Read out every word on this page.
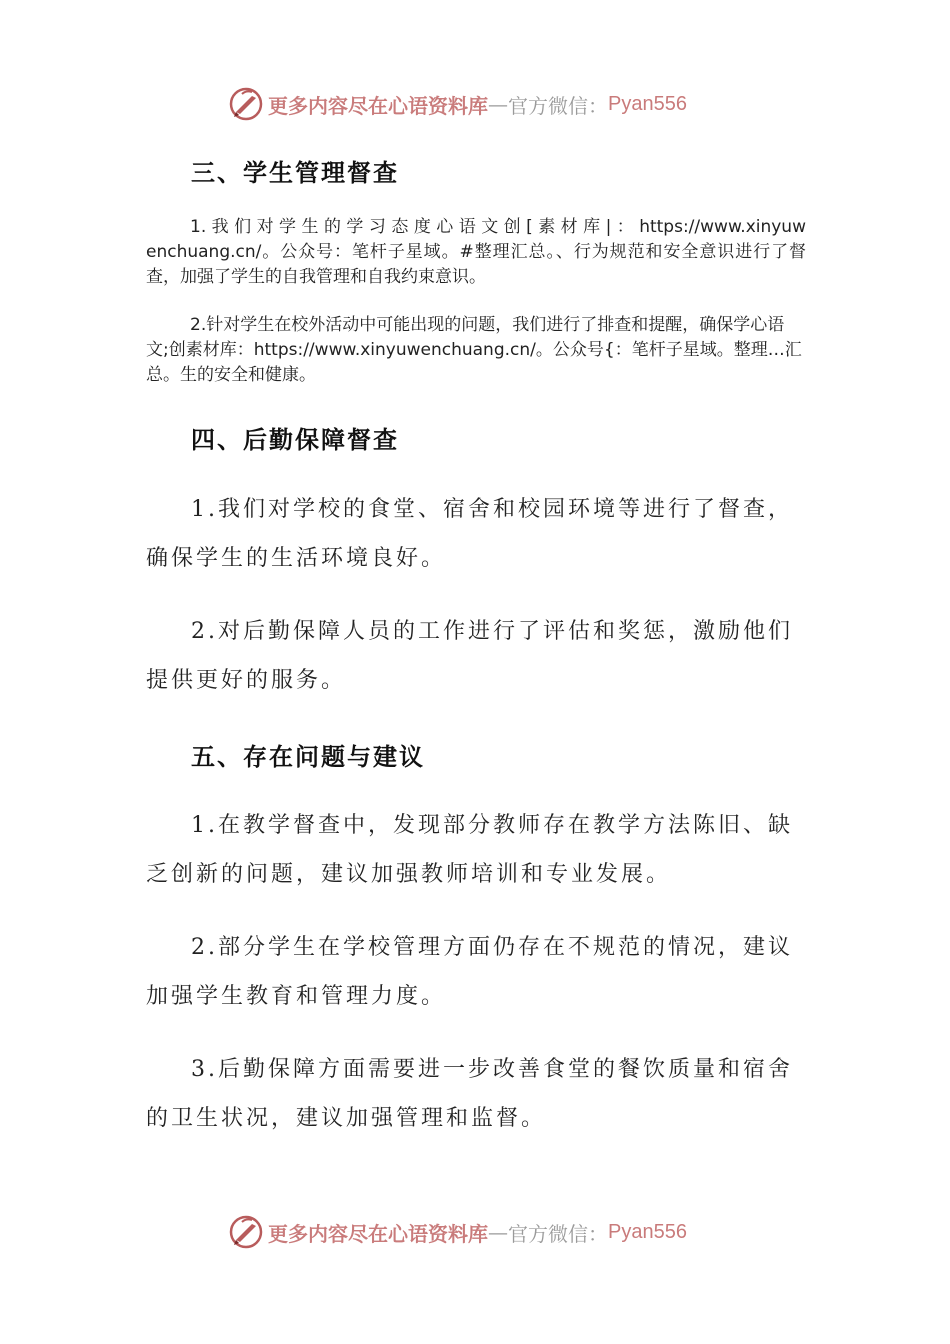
更多内容尽在心语资料库 — 官方微信： Pyan556
三、学生管理督查
1. 我 们 对 学 生 的 学 习 态 度 心 语 文 创 [ 素 材 库 | ： https://www.xinyuwenchuang.cn/。公众号：笔杆子星域。#整理汇总。、行为规范和安全意识进行了督查，加强了学生的自我管理和自我约束意识。
2.针对学生在校外活动中可能出现的问题，我们进行了排查和提醒，确保学心语文;创素材库：https://www.xinyuwenchuang.cn/。公众号{：笔杆子星域。整理…汇总。生的安全和健康。
四、后勤保障督查
1.我们对学校的食堂、宿舍和校园环境等进行了督查，确保学生的生活环境良好。
2.对后勤保障人员的工作进行了评估和奖惩，激励他们提供更好的服务。
五、存在问题与建议
1.在教学督查中，发现部分教师存在教学方法陈旧、缺乏创新的问题，建议加强教师培训和专业发展。
2.部分学生在学校管理方面仍存在不规范的情况，建议加强学生教育和管理力度。
3.后勤保障方面需要进一步改善食堂的餐饮质量和宿舍的卫生状况，建议加强管理和监督。
更多内容尽在心语资料库 — 官方微信： Pyan556
